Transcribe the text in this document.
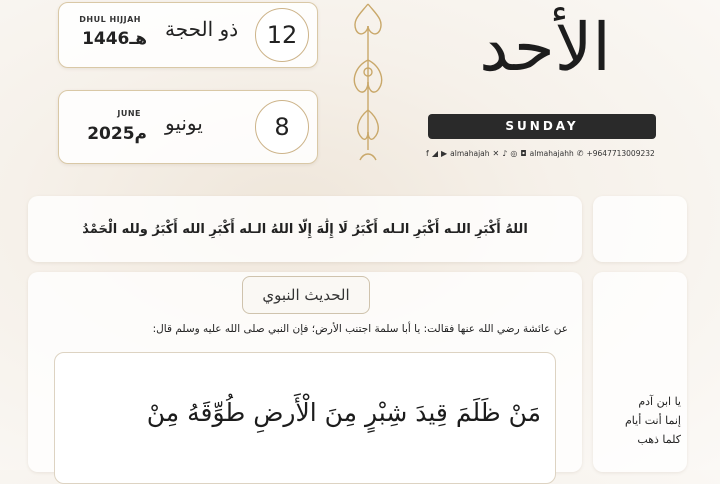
DHUL HIJJAH
1446هـ ذو الحجة	12
JUNE
2025م يونيو	8
الأحد
SUNDAY
f ◢ ▶ almahajah ✕ ♪ ◎ ◘ almahajahh ✆ +9647713009232
اللهُ أَكْبَرِ اللـه أَكْبَرِ الـله أَكْبَرُ لَا إِلَٰهَ إِلّا اللهُ الـله أَكْبَرِ الله أَكْبَرُ ولله الْحَمْدُ
الحديث النبوي
عن عائشة رضي الله عنها فقالت: يا أبا سلمة اجتنب الأرض؛ فإن النبي صلى الله عليه وسلم قال:
مَنْ ظَلَمَ قِيدَ شِبْرٍ مِنَ الْأَرضِ طُوِّقَهُ مِنْ	يا ابن آدم
إنما أنت أيام
كلما ذهب
